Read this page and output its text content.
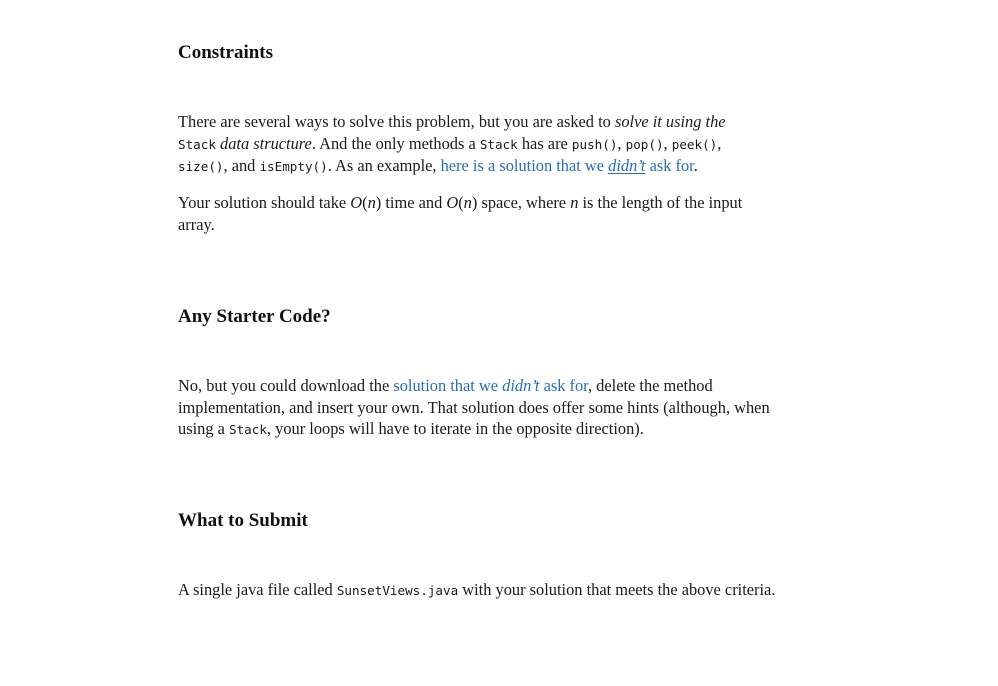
Constraints

There are several ways to solve this problem, but you are asked to solve it using the
Stack data structure. And the only methods a Stack has are push(), pop(), peek(),
size(), and isEmpty(). As an example, here is a solution that we didn’t ask for.

Your solution should take O(n) time and O(n) space, where n is the length of the input array.

Any Starter Code?

No, but you could download the solution that we didn’t ask for, delete the method implementation, and insert your own. That solution does offer some hints (although, when using a Stack, your loops will have to iterate in the opposite direction).

What to Submit

A single java file called SunsetViews.java with your solution that meets the above criteria.
